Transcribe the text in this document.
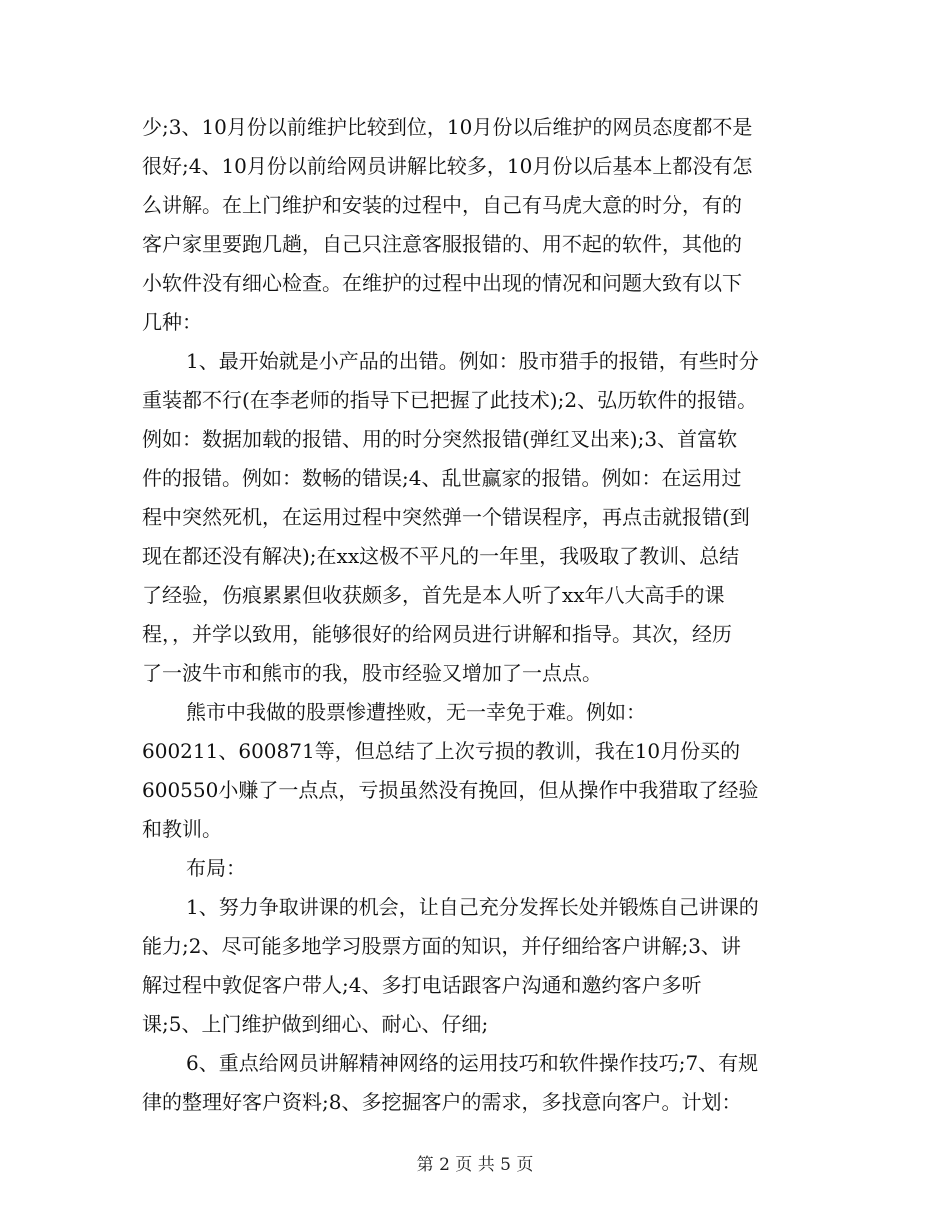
少;3、10月份以前维护比较到位，10月份以后维护的网员态度都不是
很好;4、10月份以前给网员讲解比较多，10月份以后基本上都没有怎
么讲解。在上门维护和安装的过程中，自己有马虎大意的时分，有的
客户家里要跑几趟，自己只注意客服报错的、用不起的软件，其他的
小软件没有细心检查。在维护的过程中出现的情况和问题大致有以下
几种：
1、最开始就是小产品的出错。例如：股市猎手的报错，有些时分
重装都不行(在李老师的指导下已把握了此技术);2、弘历软件的报错。
例如：数据加载的报错、用的时分突然报错(弹红叉出来);3、首富软
件的报错。例如：数畅的错误;4、乱世赢家的报错。例如：在运用过
程中突然死机，在运用过程中突然弹一个错误程序，再点击就报错(到
现在都还没有解决);在xx这极不平凡的一年里，我吸取了教训、总结
了经验，伤痕累累但收获颇多，首先是本人听了xx年八大高手的课
程，，并学以致用，能够很好的给网员进行讲解和指导。其次，经历
了一波牛市和熊市的我，股市经验又增加了一点点。
熊市中我做的股票惨遭挫败，无一幸免于难。例如：
600211、600871等，但总结了上次亏损的教训，我在10月份买的
600550小赚了一点点，亏损虽然没有挽回，但从操作中我猎取了经验
和教训。
布局：
1、努力争取讲课的机会，让自己充分发挥长处并锻炼自己讲课的
能力;2、尽可能多地学习股票方面的知识，并仔细给客户讲解;3、讲
解过程中敦促客户带人;4、多打电话跟客户沟通和邀约客户多听
课;5、上门维护做到细心、耐心、仔细;
6、重点给网员讲解精神网络的运用技巧和软件操作技巧;7、有规
律的整理好客户资料;8、多挖掘客户的需求，多找意向客户。计划：
第 2 页 共 5 页
